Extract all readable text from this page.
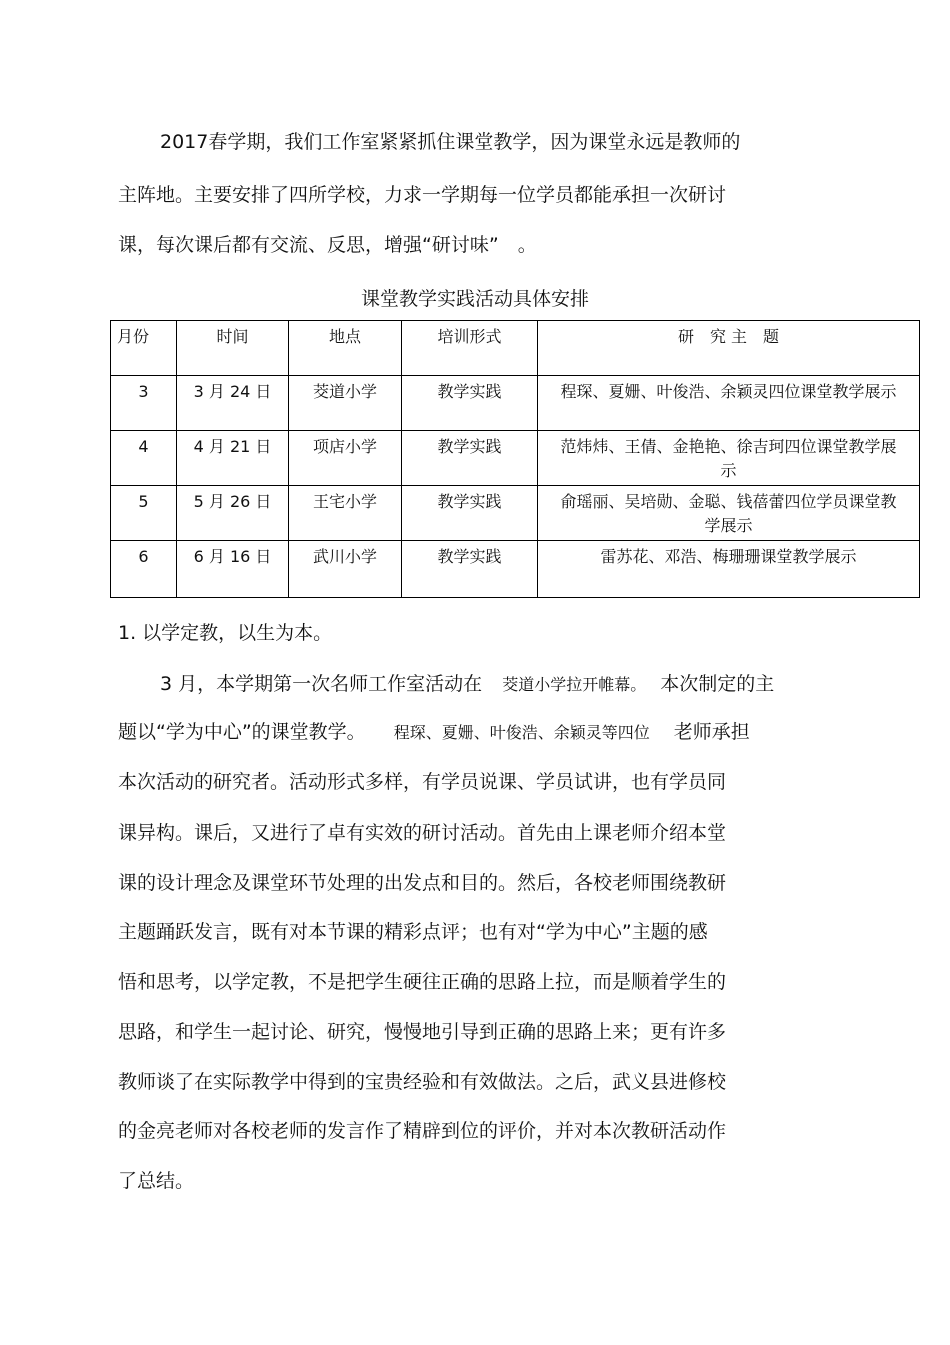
2017春学期，我们工作室紧紧抓住课堂教学，因为课堂永远是教师的
主阵地。主要安排了四所学校，力求一学期每一位学员都能承担一次研讨
课，每次课后都有交流、反思，增强“研讨味”　。
课堂教学实践活动具体安排
月份	时间	地点	培训形式	研　究 主　题
3	3 月 24 日	茭道小学	教学实践	程琛、夏姗、叶俊浩、余颖灵四位课堂教学展示
4	4 月 21 日	项店小学	教学实践	范炜炜、王倩、金艳艳、徐吉珂四位课堂教学展示
5	5 月 26 日	王宅小学	教学实践	俞瑶丽、吴培勋、金聪、钱蓓蕾四位学员课堂教学展示
6	6 月 16 日	武川小学	教学实践	雷苏花、邓浩、梅珊珊课堂教学展示
1. 以学定教，以生为本。
3 月，本学期第一次名师工作室活动在 茭道小学拉开帷幕。 本次制定的主
题以“学为中心”的课堂教学。 程琛、夏姗、叶俊浩、余颖灵等四位 老师承担
本次活动的研究者。活动形式多样，有学员说课、学员试讲，也有学员同
课异构。课后，又进行了卓有实效的研讨活动。首先由上课老师介绍本堂
课的设计理念及课堂环节处理的出发点和目的。然后，各校老师围绕教研
主题踊跃发言，既有对本节课的精彩点评；也有对“学为中心”主题的感
悟和思考，以学定教，不是把学生硬往正确的思路上拉，而是顺着学生的
思路，和学生一起讨论、研究，慢慢地引导到正确的思路上来；更有许多
教师谈了在实际教学中得到的宝贵经验和有效做法。之后，武义县进修校
的金亮老师对各校老师的发言作了精辟到位的评价，并对本次教研活动作
了总结。
